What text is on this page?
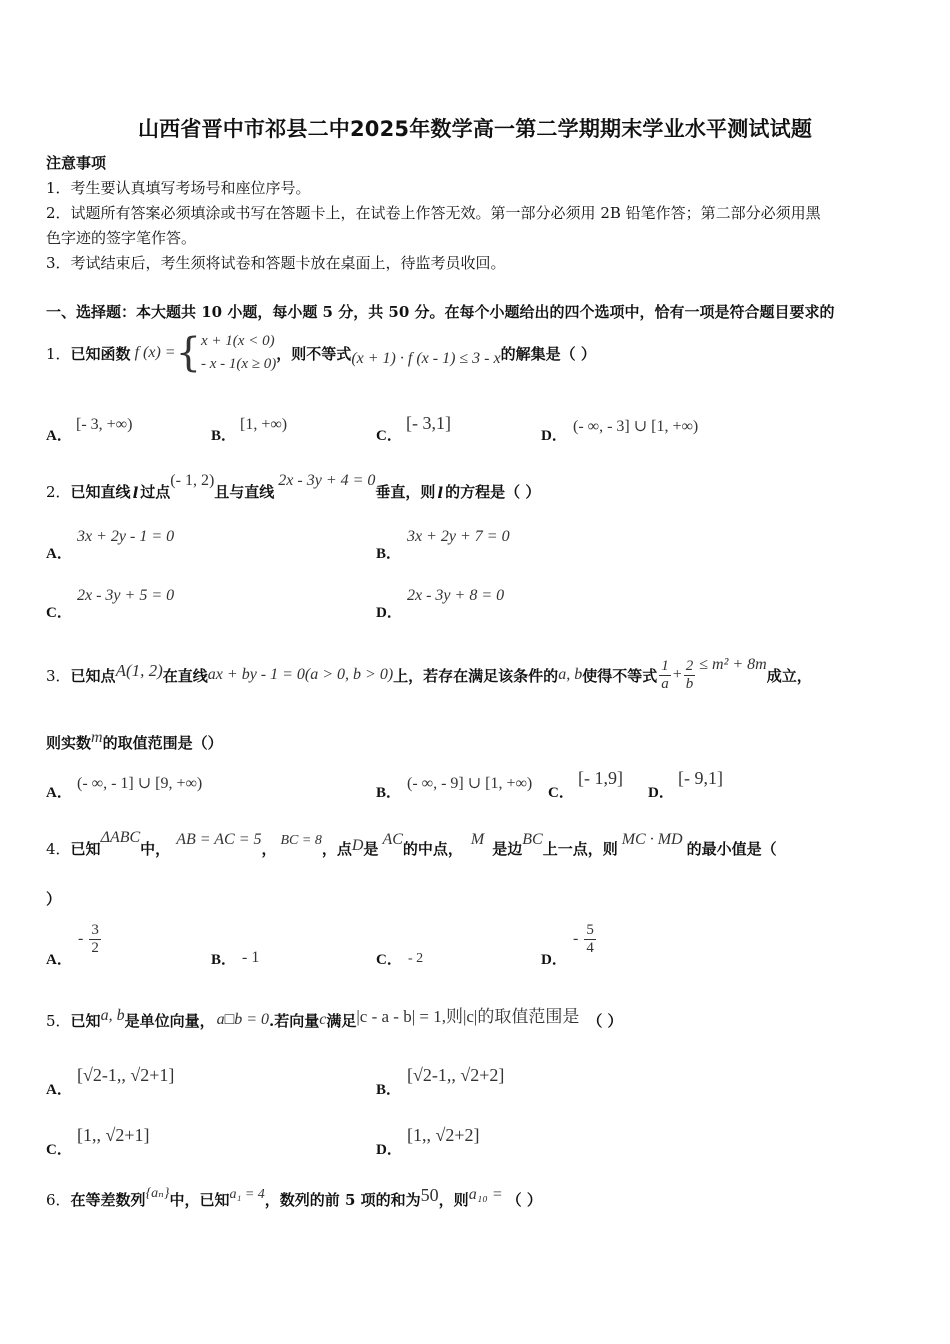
山西省晋中市祁县二中2025年数学高一第二学期期末学业水平测试试题
注意事项
1．考生要认真填写考场号和座位序号。
2．试题所有答案必须填涂或书写在答题卡上，在试卷上作答无效。第一部分必须用 2B 铅笔作答；第二部分必须用黑
色字迹的签字笔作答。
3．考试结束后，考生须将试卷和答题卡放在桌面上，待监考员收回。
一、选择题：本大题共 10 小题，每小题 5 分，共 50 分。在每个小题给出的四个选项中，恰有一项是符合题目要求的
1． 已知函数 f (x) = { x + 1(x < 0)
- x - 1(x ≥ 0)
，则不等式 (x + 1) · f (x - 1) ≤ 3 - x 的解集是（ ）
A．
[- 3, +∞)
B．
[1, +∞)
C．
[- 3,1]
D．
(- ∞, - 3] ∪ [1, +∞)
2． 已知直线 l 过点
(- 1, 2)
且与直线
2x - 3y + 4 = 0
垂直，则 l 的方程是（ ）
A．
3x + 2y - 1 = 0
B．
3x + 2y + 7 = 0
C．
2x - 3y + 5 = 0
D．
2x - 3y + 8 = 0
3． 已知点 A(1, 2) 在直线 ax + by - 1 = 0(a > 0, b > 0) 上，若存在满足该条件的 a, b 使得不等式 $\frac{1}{a} + \frac{2}{b} \le m^2 + 8m$
成立，
则实数m的取值范围是（）
A．
(- ∞, - 1] ∪ [9, +∞)
B．
(- ∞, - 9] ∪ [1, +∞)
C．
[- 1,9]
D．
[- 9,1]
4． 已知
ΔABC
中，
AB = AC = 5
， BC = 8 ，点 D 是
AC
的中点，
M
是边
BC
上一点，则
MC · MD
的最小值是（
）
A．
- $\frac{3}{2}$
B． - 1	C． - 2	D．
- $\frac{5}{4}$
5． 已知 a, b 是单位向量， a□b = 0 .若向量 c 满足 |c - a - b| = 1,则|c|的取值范围是 （ ）
A．
[√2-1,, √2+1]
B．
[√2-1,, √2+2]
C．
[1,, √2+1]
D．
[1,, √2+2]
6． 在等差数列 {aₙ} 中，已知 a₁ = 4 ，数列的前 5 项的和为 50 ，则 a₁₀ = （ ）
